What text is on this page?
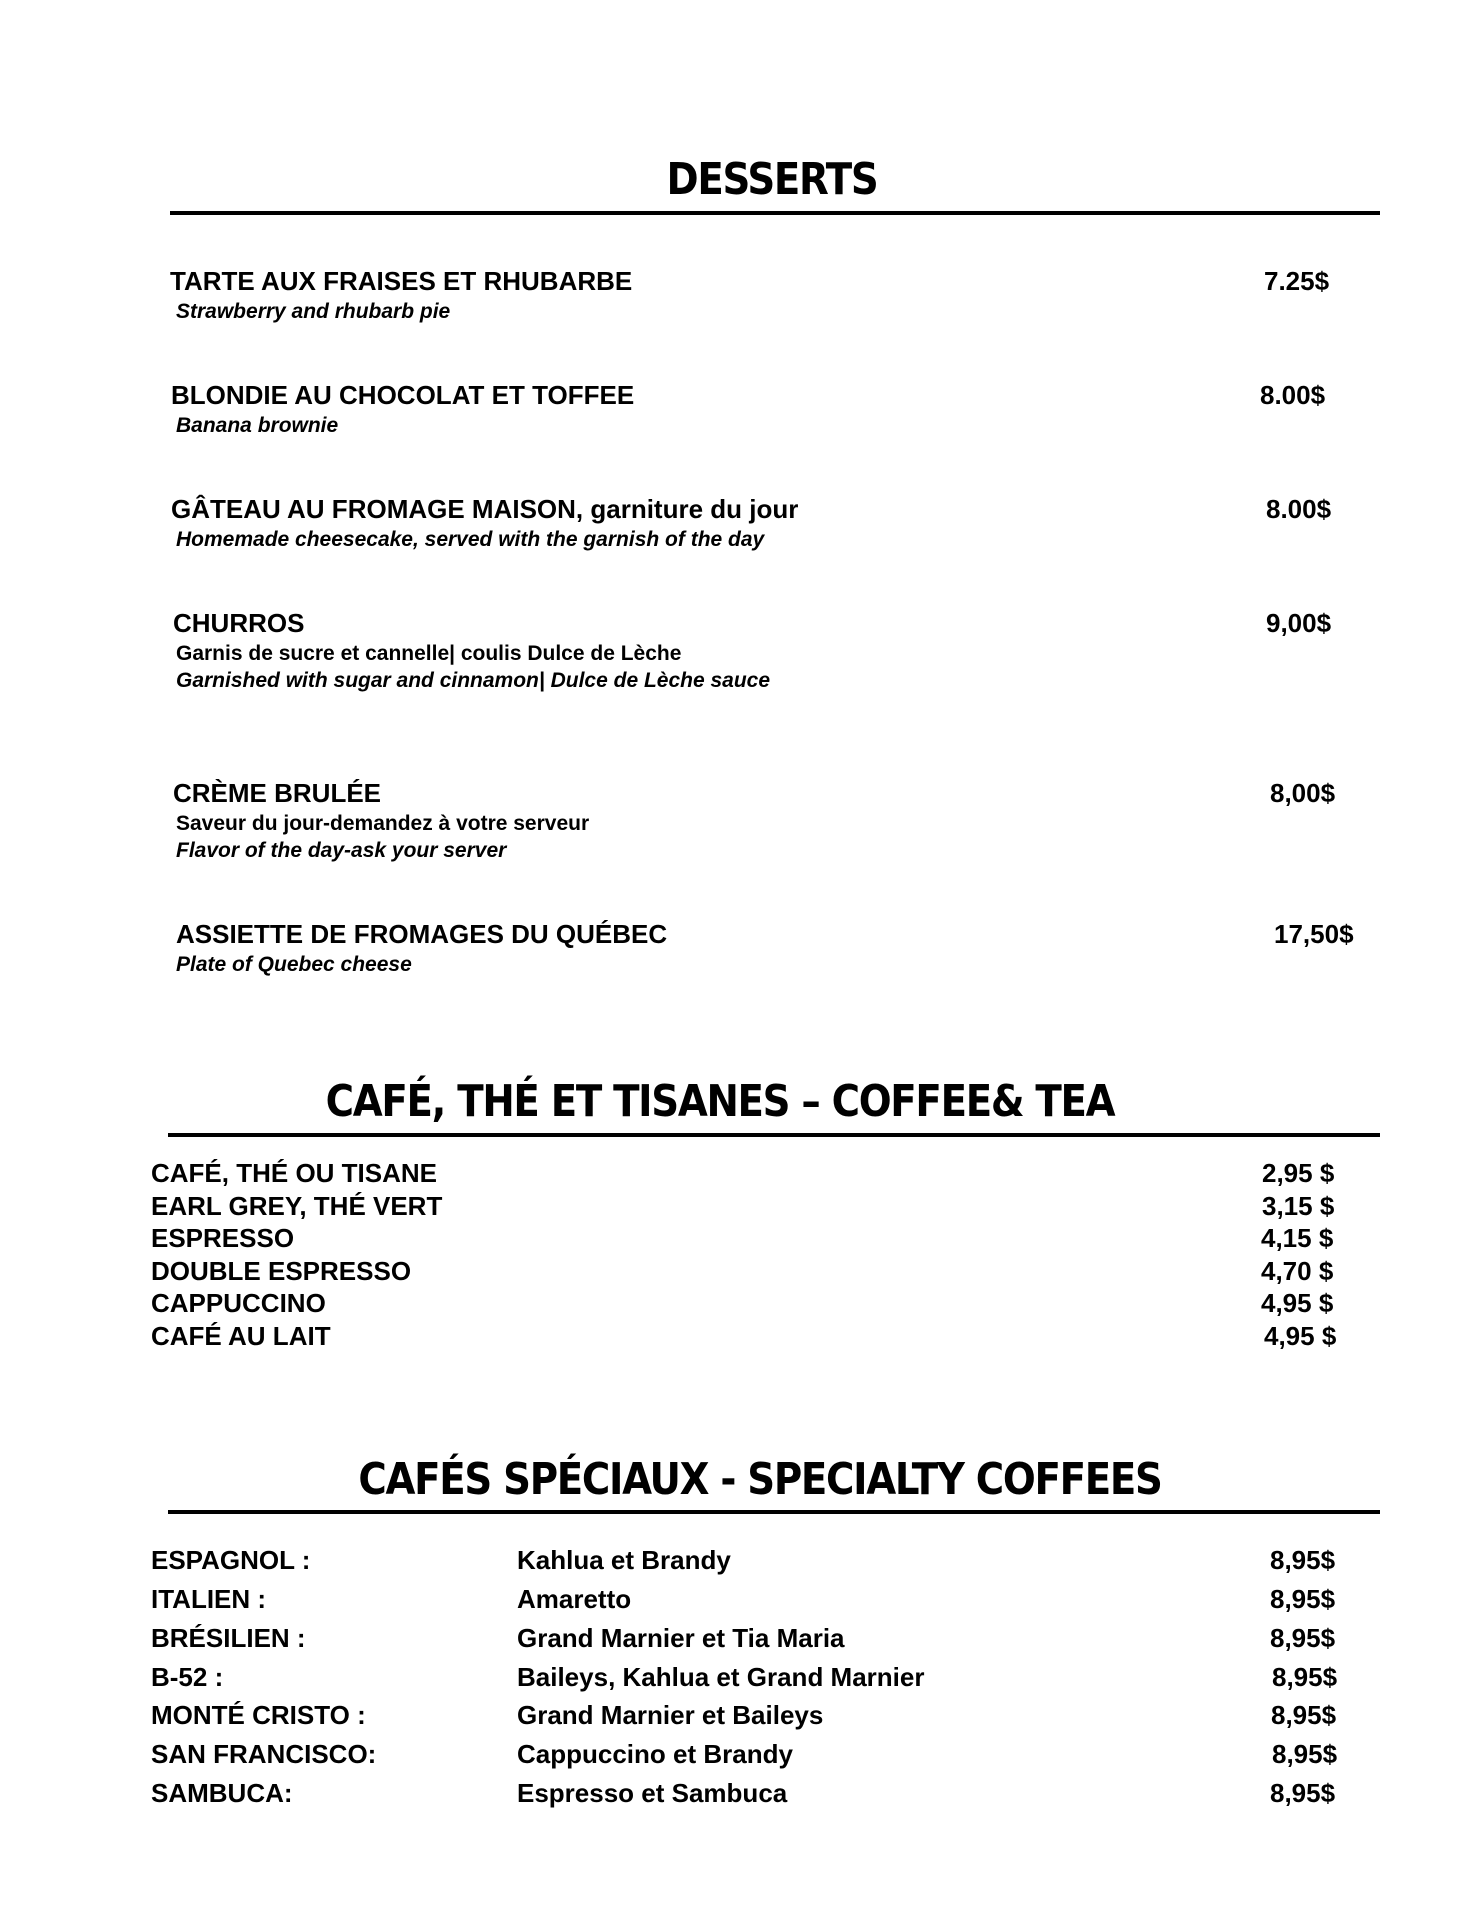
DESSERTS
TARTE AUX FRAISES ET RHUBARBE
Strawberry and rhubarb pie
7.25$
BLONDIE AU CHOCOLAT ET TOFFEE
Banana brownie
8.00$
GÂTEAU AU FROMAGE MAISON, garniture du jour
Homemade cheesecake, served with the garnish of the day
8.00$
CHURROS
Garnis de sucre et cannelle| coulis Dulce de Lèche
Garnished with sugar and cinnamon| Dulce de Lèche sauce
9,00$
CRÈME BRULÉE
Saveur du jour-demandez à votre serveur
Flavor of the day-ask your server
8,00$
ASSIETTE DE FROMAGES DU QUÉBEC
Plate of Quebec cheese
17,50$
CAFÉ, THÉ ET TISANES – COFFEE& TEA
CAFÉ, THÉ OU TISANE	2,95 $
EARL GREY, THÉ VERT	3,15 $
ESPRESSO	4,15 $
DOUBLE ESPRESSO	4,70 $
CAPPUCCINO	4,95 $
CAFÉ AU LAIT	4,95 $
CAFÉS SPÉCIAUX - SPECIALTY COFFEES
ESPAGNOL :	Kahlua et Brandy	8,95$
ITALIEN :	Amaretto	8,95$
BRÉSILIEN :	Grand Marnier et Tia Maria	8,95$
B-52 :	Baileys, Kahlua et Grand Marnier	8,95$
MONTÉ CRISTO :	Grand Marnier et Baileys	8,95$
SAN FRANCISCO:	Cappuccino et Brandy	8,95$
SAMBUCA:	Espresso et Sambuca	8,95$
